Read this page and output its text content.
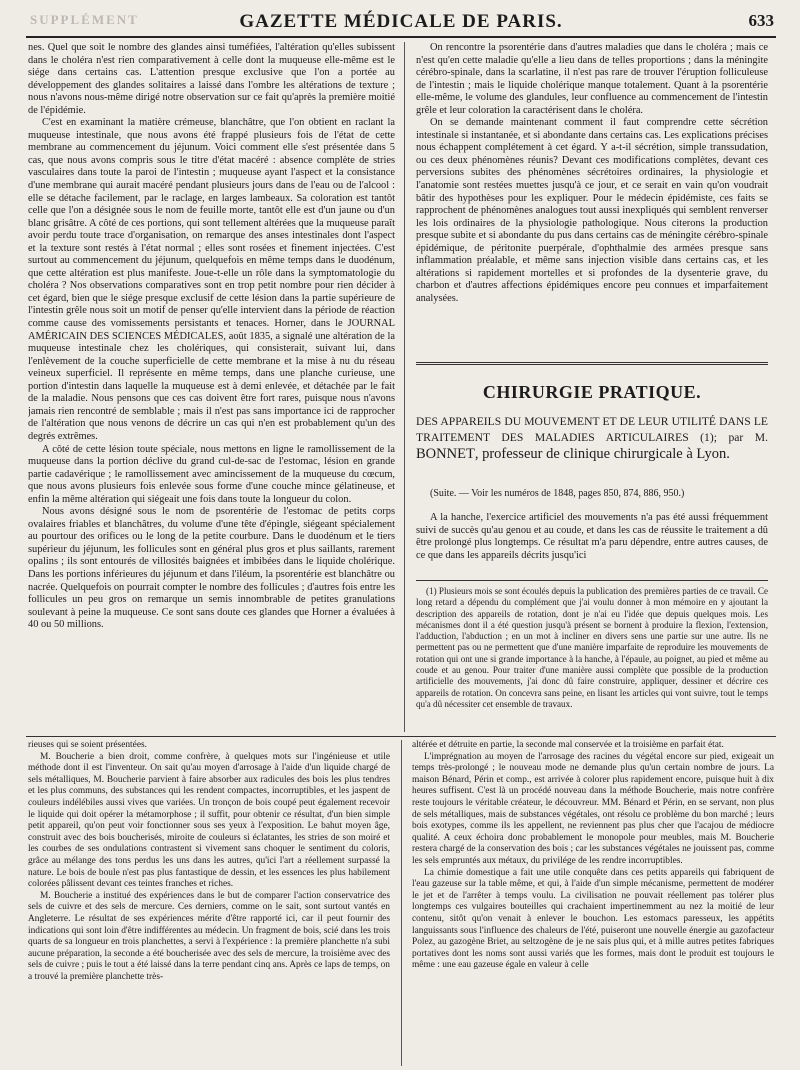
SUPPLÉMENT	GAZETTE MÉDICALE DE PARIS.	633

nes. Quel que soit le nombre des glandes ainsi tuméfiées, l'altération qu'elles subissent dans le choléra n'est rien comparativement à celle dont la muqueuse elle-même est le siége dans certains cas. L'attention presque exclusive que l'on a portée au développement des glandes solitaires a laissé dans l'ombre les altérations de texture ; nous n'avons nous-même dirigé notre observation sur ce fait qu'après la première moitié de l'épidémie.

C'est en examinant la matière crémeuse, blanchâtre, que l'on obtient en raclant la muqueuse intestinale, que nous avons été frappé plusieurs fois de l'état de cette membrane au commencement du jéjunum. Voici comment elle s'est présentée dans 5 cas, que nous avons compris sous le titre d'état macéré : absence complète de stries vasculaires dans toute la paroi de l'intestin ; muqueuse ayant l'aspect et la consistance d'une membrane qui aurait macéré pendant plusieurs jours dans de l'eau ou de l'alcool : elle se détache facilement, par le raclage, en larges lambeaux. Sa coloration est tantôt celle que l'on a désignée sous le nom de feuille morte, tantôt elle est d'un jaune ou d'un blanc grisâtre. A côté de ces portions, qui sont tellement altérées que la muqueuse paraît avoir perdu toute trace d'organisation, on remarque des anses intestinales dont l'aspect et la texture sont restés à l'état normal ; elles sont rosées et finement injectées. C'est surtout au commencement du jéjunum, quelquefois en même temps dans le duodénum, que cette altération est plus manifeste. Joue-t-elle un rôle dans la symptomatologie du choléra ? Nos observations comparatives sont en trop petit nombre pour rien décider à cet égard, bien que le siége presque exclusif de cette lésion dans la partie supérieure de l'intestin grêle nous soit un motif de penser qu'elle intervient dans la période de réaction comme cause des vomissements persistants et tenaces. Horner, dans le JOURNAL AMÉRICAIN DES SCIENCES MÉDICALES, août 1835, a signalé une altération de la muqueuse intestinale chez les cholériques, qui consisterait, suivant lui, dans l'enlèvement de la couche superficielle de cette membrane et la mise à nu du réseau veineux superficiel. Il représente en même temps, dans une planche curieuse, une portion d'intestin dans laquelle la muqueuse est à demi enlevée, et détachée par le fait de la maladie. Nous pensons que ces cas doivent être fort rares, puisque nous n'avons jamais rien rencontré de semblable ; mais il n'est pas sans importance ici de rapprocher de l'altération que nous venons de décrire un cas qui n'en est probablement qu'un des degrés extrêmes.

A côté de cette lésion toute spéciale, nous mettons en ligne le ramollissement de la muqueuse dans la portion déclive du grand cul-de-sac de l'estomac, lésion en grande partie cadavérique ; le ramollissement avec amincissement de la muqueuse du cœcum, que nous avons plusieurs fois enlevée sous forme d'une couche mince gélatineuse, et enfin la même altération qui siégeait une fois dans toute la longueur du colon.

Nous avons désigné sous le nom de psorentérie de l'estomac de petits corps ovalaires friables et blanchâtres, du volume d'une tête d'épingle, siégeant spécialement au pourtour des orifices ou le long de la petite courbure. Dans le duodénum et le tiers supérieur du jéjunum, les follicules sont en général plus gros et plus saillants, rarement opalins ; ils sont entourés de villosités baignées et imbibées dans le liquide cholérique. Dans les portions inférieures du jéjunum et dans l'iléum, la psorentérie est blanchâtre ou nacrée. Quelquefois on pourrait compter le nombre des follicules ; d'autres fois entre les follicules un peu gros on remarque un semis innombrable de petites granulations soulevant à peine la muqueuse. Ce sont sans doute ces glandes que Horner a évaluées à 40 ou 50 millions.

On rencontre la psorentérie dans d'autres maladies que dans le choléra ; mais ce n'est qu'en cette maladie qu'elle a lieu dans de telles proportions ; dans la méningite cérébro-spinale, dans la scarlatine, il n'est pas rare de trouver l'éruption folliculeuse de l'intestin ; mais le liquide cholérique manque totalement. Quant à la psorentérie elle-même, le volume des glandules, leur confluence au commencement de l'intestin grêle et leur coloration la caractérisent dans le choléra.

On se demande maintenant comment il faut comprendre cette sécrétion intestinale si instantanée, et si abondante dans certains cas. Les explications précises nous échappent complétement à cet égard. Y a-t-il sécrétion, simple transsudation, ou ces deux phénomènes réunis? Devant ces modifications complètes, devant ces perversions subites des phénomènes sécrétoires ordinaires, la physiologie et l'anatomie sont restées muettes jusqu'à ce jour, et ce serait en vain qu'on voudrait bâtir des hypothèses pour les expliquer. Pour le médecin épidémiste, ces faits se rapprochent de phénomènes analogues tout aussi inexpliqués qui semblent renverser les lois ordinaires de la physiologie pathologique. Nous citerons la production presque subite et si abondante du pus dans certains cas de méningite cérébro-spinale épidémique, de péritonite puerpérale, d'ophthalmie des armées presque sans inflammation préalable, et même sans injection visible dans certains cas, et les altérations si rapidement mortelles et si profondes de la dysenterie grave, du charbon et d'autres affections épidémiques encore peu connues et imparfaitement analysées.

CHIRURGIE PRATIQUE.
DES APPAREILS DU MOUVEMENT ET DE LEUR UTILITÉ DANS LE TRAITEMENT DES MALADIES ARTICULAIRES (1); par M. BONNET, professeur de clinique chirurgicale à Lyon.
(Suite. — Voir les numéros de 1848, pages 850, 874, 886, 950.)

A la hanche, l'exercice artificiel des mouvements n'a pas été aussi fréquemment suivi de succès qu'au genou et au coude, et dans les cas de réussite le traitement a dû être prolongé plus longtemps. Ce résultat m'a paru dépendre, entre autres causes, de ce que dans les appareils décrits jusqu'ici

(1) Plusieurs mois se sont écoulés depuis la publication des premières parties de ce travail. Ce long retard a dépendu du complément que j'ai voulu donner à mon mémoire en y ajoutant la description des appareils de rotation, dont je n'ai eu l'idée que depuis quelques mois. Les mécanismes dont il a été question jusqu'à présent se bornent à produire la flexion, l'extension, l'adduction, l'abduction ; en un mot à incliner en divers sens une partie sur une autre. Ils ne permettent pas ou ne permettent que d'une manière imparfaite de reproduire les mouvements de rotation qui ont une si grande importance à la hanche, à l'épaule, au poignet, au pied et même au coude et au genou. Pour traiter d'une manière aussi complète que possible de la production artificielle des mouvements, j'ai donc dû faire construire, appliquer, dessiner et décrire ces appareils de rotation. On concevra sans peine, en lisant les articles qui vont suivre, tout le temps qu'a dû nécessiter cet ensemble de travaux.

rieuses qui se soient présentées.

M. Boucherie a bien droit, comme confrère, à quelques mots sur l'ingénieuse et utile méthode dont il est l'inventeur. On sait qu'au moyen d'arrosage à l'aide d'un liquide chargé de sels métalliques, M. Boucherie parvient à faire absorber aux radicules des bois les plus tendres et les plus communs, des substances qui les rendent compactes, incorruptibles, et les jaspent de couleurs indélébiles aussi vives que variées. Un tronçon de bois coupé peut également recevoir le liquide qui doit opérer la métamorphose ; il suffit, pour obtenir ce résultat, d'un bien simple petit appareil, qu'on peut voir fonctionner sous ses yeux à l'exposition. Le bahut moyen âge, construit avec des bois boucherisés, miroite de couleurs si éclatantes, les stries de son moiré et les courbes de ses ondulations contrastent si vivement sans choquer le sentiment du coloris, grâce au mélange des tons perdus les uns dans les autres, qu'ici l'art a réellement surpassé la nature. Le bois de boule n'est pas plus fantastique de dessin, et les essences les plus habilement colorées pâlissent devant ces teintes franches et riches.

M. Boucherie a institué des expériences dans le but de comparer l'action conservatrice des sels de cuivre et des sels de mercure. Ces derniers, comme on le sait, sont surtout vantés en Angleterre. Le résultat de ses expériences mérite d'être rapporté ici, car il peut fournir des indications qui sont loin d'être indifférentes au médecin. Un fragment de bois, scié dans les trois quarts de sa longueur en trois planchettes, a servi à l'expérience : la première planchette n'a subi aucune préparation, la seconde a été boucherisée avec des sels de mercure, la troisième avec des sels de cuivre ; puis le tout a été laissé dans la terre pendant cinq ans. Après ce laps de temps, on a trouvé la première planchette très-

altérée et détruite en partie, la seconde mal conservée et la troisième en parfait état.

L'imprégnation au moyen de l'arrosage des racines du végétal encore sur pied, exigeait un temps très-prolongé ; le nouveau mode ne demande plus qu'un certain nombre de jours. La maison Bénard, Périn et comp., est arrivée à colorer plus rapidement encore, puisque huit à dix heures suffisent. C'est là un procédé nouveau dans la méthode Boucherie, mais notre confrère reste toujours le véritable créateur, le découvreur. MM. Bénard et Périn, en se servant, non plus de sels métalliques, mais de substances végétales, ont résolu ce problème du bon marché ; leurs bois exotypes, comme ils les appellent, ne reviennent pas plus cher que l'acajou de médiocre qualité. A ceux échoira donc probablement le monopole pour meubles, mais M. Boucherie restera chargé de la conservation des bois ; car les substances végétales ne jouissent pas, comme les sels empruntés aux métaux, du privilége de les rendre incorruptibles.

La chimie domestique a fait une utile conquête dans ces petits appareils qui fabriquent de l'eau gazeuse sur la table même, et qui, à l'aide d'un simple mécanisme, permettent de modérer le jet et de l'arrêter à temps voulu. La civilisation ne pouvait réellement pas tolérer plus longtemps ces vulgaires bouteilles qui crachaient impertinemment au nez la moitié de leur contenu, sitôt qu'on venait à enlever le bouchon. Les estomacs paresseux, les appétits languissants sous l'influence des chaleurs de l'été, puiseront une nouvelle énergie au gazofacteur Polez, au gazogène Briet, au seltzogène de je ne sais plus qui, et à mille autres petites fabriques portatives dont les noms sont aussi variés que les formes, mais dont le produit est toujours le même : une eau gazeuse égale en valeur à celle
